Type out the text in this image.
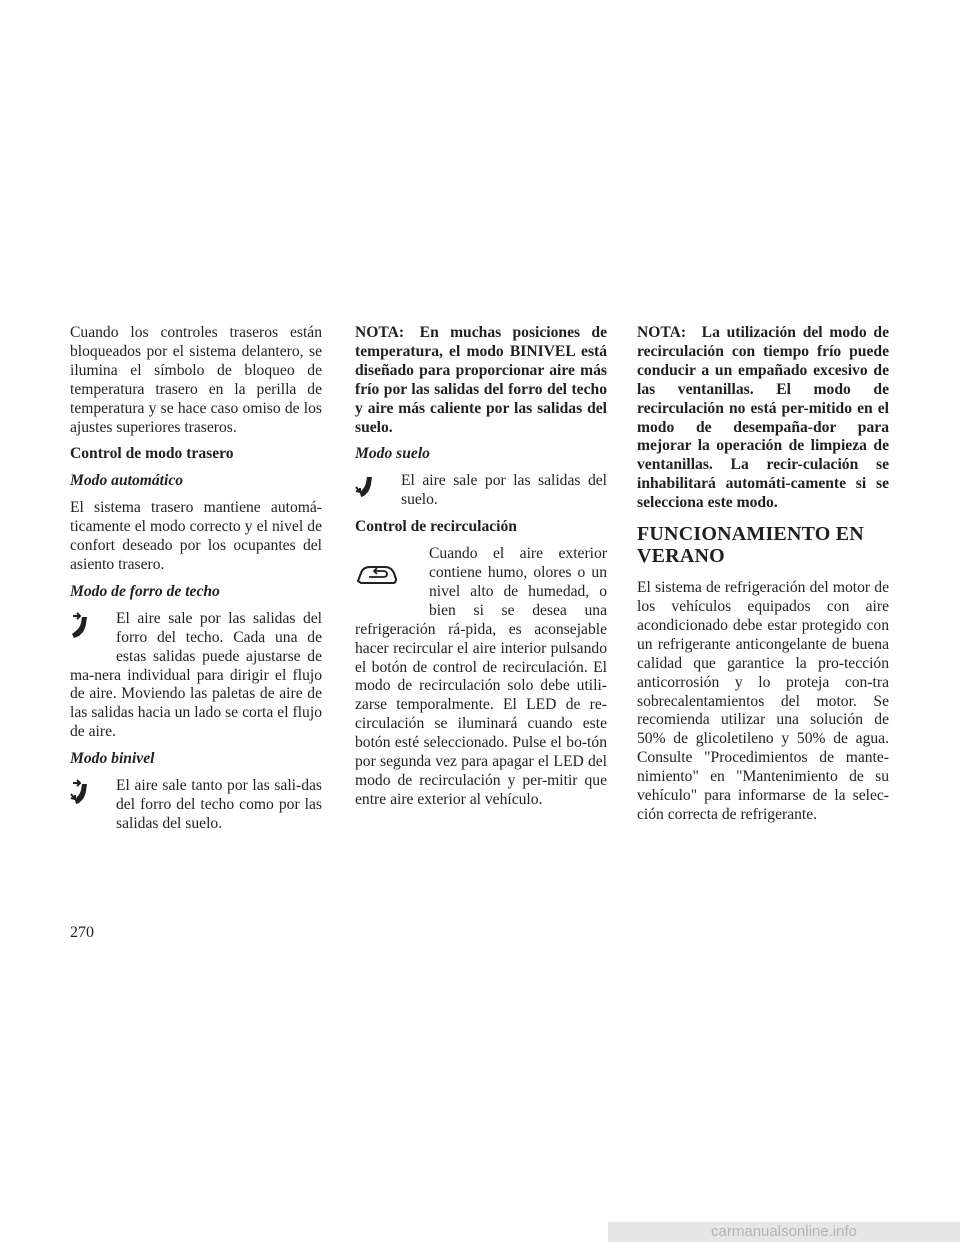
Cuando los controles traseros están bloqueados por el sistema delantero, se ilumina el símbolo de bloqueo de temperatura trasero en la perilla de temperatura y se hace caso omiso de los ajustes superiores traseros.

Control de modo trasero
Modo automático

El sistema trasero mantiene automá-ticamente el modo correcto y el nivel de confort deseado por los ocupantes del asiento trasero.

Modo de forro de techo

El aire sale por las salidas del forro del techo. Cada una de estas salidas puede ajustarse de ma-nera individual para dirigir el flujo de aire. Moviendo las paletas de aire de las salidas hacia un lado se corta el flujo de aire.

Modo binivel

El aire sale tanto por las sali-das del forro del techo como por las salidas del suelo.

NOTA: En muchas posiciones de temperatura, el modo BINIVEL está diseñado para proporcionar aire más frío por las salidas del forro del techo y aire más caliente por las salidas del suelo.

Modo suelo

El aire sale por las salidas del suelo.

Control de recirculación

Cuando el aire exterior contiene humo, olores o un nivel alto de humedad, o bien si se desea una refrigeración rá-pida, es aconsejable hacer recircular el aire interior pulsando el botón de control de recirculación. El modo de recirculación solo debe utili-zarse temporalmente. El LED de re-circulación se iluminará cuando este botón esté seleccionado. Pulse el bo-tón por segunda vez para apagar el LED del modo de recirculación y per-mitir que entre aire exterior al vehículo.

NOTA: La utilización del modo de recirculación con tiempo frío puede conducir a un empañado excesivo de las ventanillas. El modo de recirculación no está per-mitido en el modo de desempaña-dor para mejorar la operación de limpieza de ventanillas. La recir-culación se inhabilitará automáti-camente si se selecciona este modo.

FUNCIONAMIENTO EN VERANO

El sistema de refrigeración del motor de los vehículos equipados con aire acondicionado debe estar protegido con un refrigerante anticongelante de buena calidad que garantice la pro-tección anticorrosión y lo proteja con-tra sobrecalentamientos del motor. Se recomienda utilizar una solución de 50% de glicoletileno y 50% de agua. Consulte "Procedimientos de mante-nimiento" en "Mantenimiento de su vehículo" para informarse de la selec-ción correcta de refrigerante.

270
carmanualsonline.info
